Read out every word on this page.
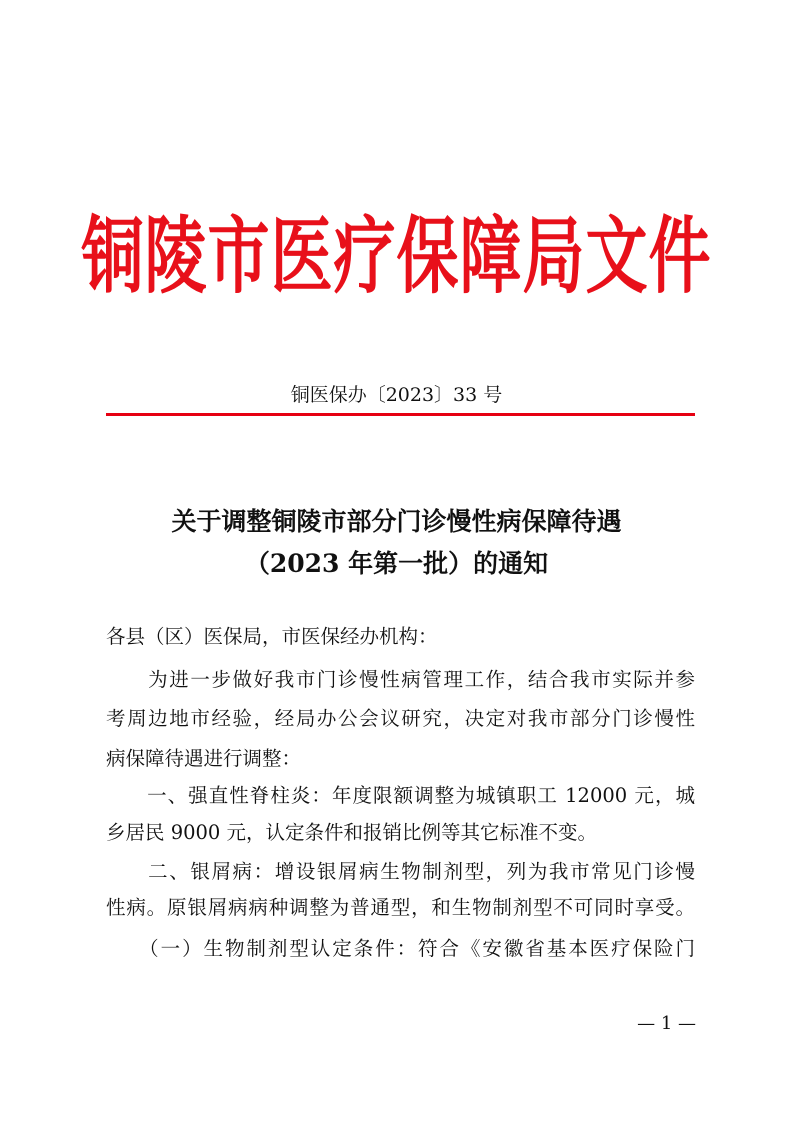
铜陵市医疗保障局文件
铜医保办〔2023〕33 号
关于调整铜陵市部分门诊慢性病保障待遇
（2023 年第一批）的通知
各县（区）医保局，市医保经办机构：
　　为进一步做好我市门诊慢性病管理工作，结合我市实际并参
考周边地市经验，经局办公会议研究，决定对我市部分门诊慢性
病保障待遇进行调整：
　　一、强直性脊柱炎：年度限额调整为城镇职工 12000 元，城
乡居民 9000 元，认定条件和报销比例等其它标准不变。
　　二、银屑病：增设银屑病生物制剂型，列为我市常见门诊慢
性病。原银屑病病种调整为普通型，和生物制剂型不可同时享受。
　　（一）生物制剂型认定条件：符合《安徽省基本医疗保险门
— 1 —
